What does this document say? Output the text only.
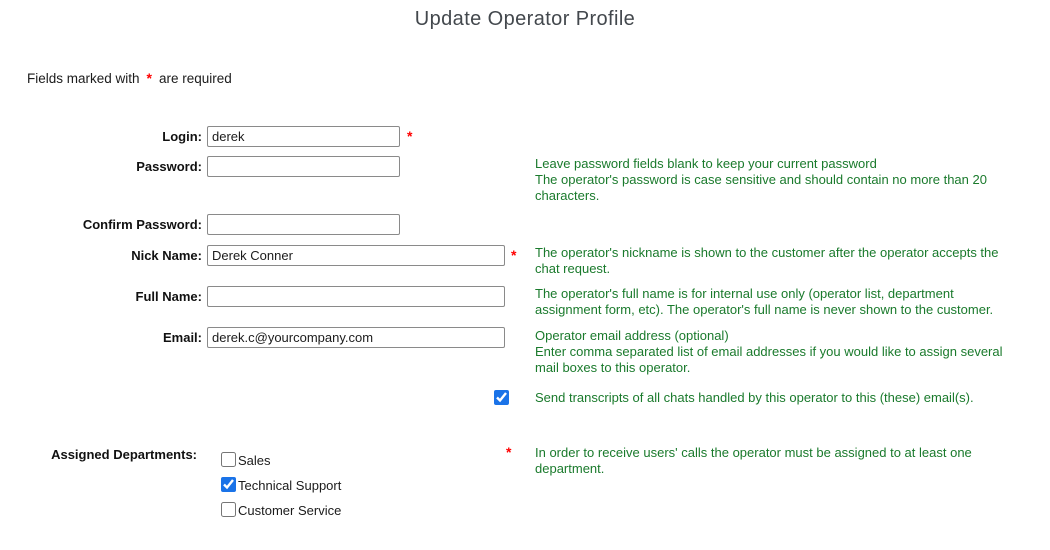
Update Operator Profile
Fields marked with * are required
Login:
derek	*
Password:	Leave password fields blank to keep your current password
The operator's password is case sensitive and should contain no more than 20
characters.
Confirm Password:
Nick Name:
Derek Conner	* The operator's nickname is shown to the customer after the operator accepts the
chat request.
Full Name:	The operator's full name is for internal use only (operator list, department
assignment form, etc). The operator's full name is never shown to the customer.
Email:
derek.c@yourcompany.com	Operator email address (optional)
Enter comma separated list of email addresses if you would like to assign several
mail boxes to this operator.
Send transcripts of all chats handled by this operator to this (these) email(s).
Assigned Departments:	Sales
Technical Support
Customer Service
* In order to receive users' calls the operator must be assigned to at least one
department.
